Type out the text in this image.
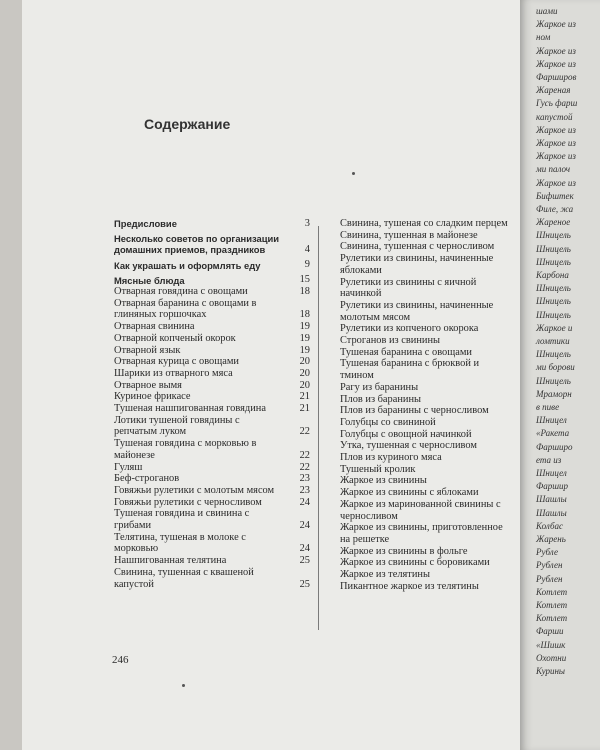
Содержание
Предисловие	3
Несколько советов по организации домашних приемов, праздников	4
Как украшать и оформлять еду	9
Мясные блюда	15
Отварная говядина с овощами	18
Отварная баранина с овощами в глиняных горшочках	18
Отварная свинина	19
Отварной копченый окорок	19
Отварной язык	19
Отварная курица с овощами	20
Шарики из отварного мяса	20
Отварное вымя	20
Куриное фрикасе	21
Тушеная нашпигованная говядина	21
Лотики тушеной говядины с репчатым луком	22
Тушеная говядина с морковью в майонезе	22
Гуляш	22
Беф-строганов	23
Говяжьи рулетики с молотым мясом	23
Говяжьи рулетики с черносливом	24
Тушеная говядина и свинина с грибами	24
Телятина, тушеная в молоке с морковью	24
Нашпигованная телятина	25
Свинина, тушенная с квашеной капустой	25
Свинина, тушеная со сладким перцем
Свинина, тушенная в майонезе
Свинина, тушенная с черносливом
Рулетики из свинины, начиненные яблоками
Рулетики из свинины с яичной начинкой
Рулетики из свинины, начиненные молотым мясом
Рулетики из копченого окорока
Строганов из свинины
Тушеная баранина с овощами
Тушеная баранина с брюквой и тмином
Рагу из баранины
Плов из баранины
Плов из баранины с черносливом
Голубцы со свининой
Голубцы с овощной начинкой
Утка, тушенная с черносливом
Плов из куриного мяса
Тушеный кролик
Жаркое из свинины
Жаркое из свинины с яблоками
Жаркое из маринованной свинины с черносливом
Жаркое из свинины, приготовленное на решетке
Жаркое из свинины в фольге
Жаркое из свинины с боровиками
Жаркое из телятины
Пикантное жаркое из телятины
246
шами
Жаркое из
ном
Жаркое из
Жаркое из
Фарширов
Жареная
Гусь фарш
капустой
Жаркое из
Жаркое из
Жаркое из
ми палоч
Жаркое из
Бифштек
Филе, жа
Жареное
Шницель
Шницель
Шницель
Карбона
Шницель
Шницель
Шницель
Жаркое и
ломтики
Шницель
ми борови
Шницель
Мраморн
в пиве
Шницел
«Ракета
Фарширо
ета из
Шницел
Фаршир
Шашлы
Шашлы
Колбас
Жарень
Рубле
Рублен
Рублен
Котлет
Котлет
Котлет
Фарши
«Шишк
Охотни
Курины
